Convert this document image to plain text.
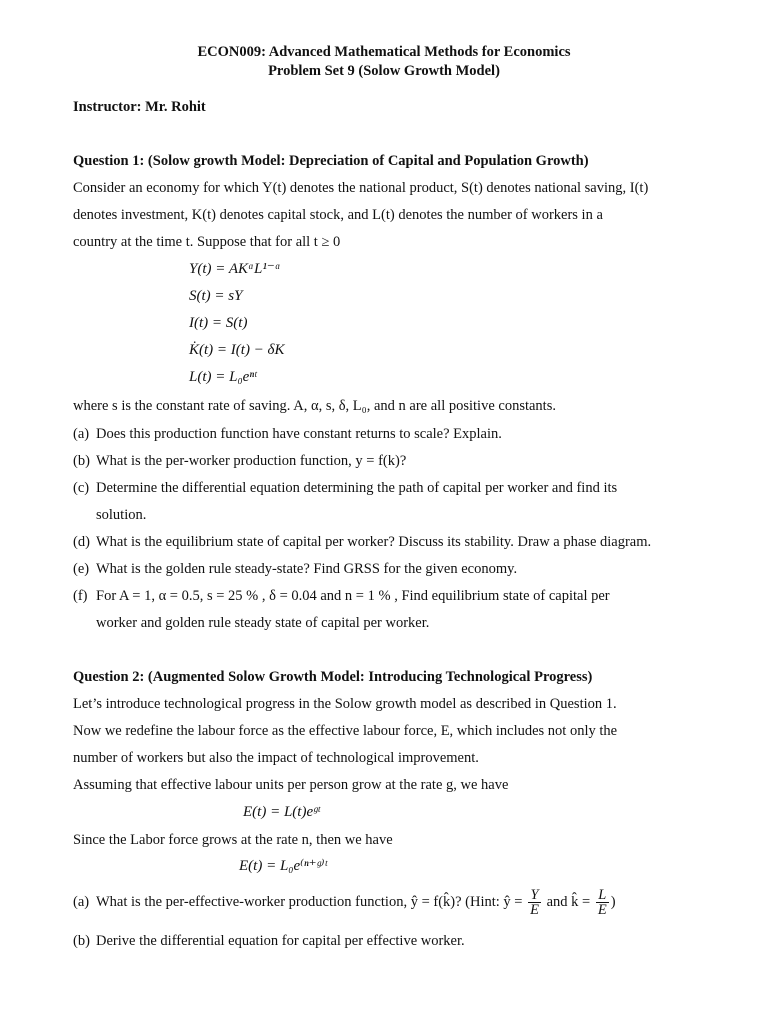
ECON009: Advanced Mathematical Methods for Economics
Problem Set 9 (Solow Growth Model)
Instructor: Mr. Rohit
Question 1: (Solow growth Model: Depreciation of Capital and Population Growth)
Consider an economy for which Y(t) denotes the national product, S(t) denotes national saving, I(t)
denotes investment, K(t) denotes capital stock, and L(t) denotes the number of workers in a
country at the time t. Suppose that for all t ≥ 0
Y(t) = AKᵅL¹⁻ᵅ
S(t) = sY
I(t) = S(t)
K̇(t) = I(t) − δK
L(t) = L₀eⁿᵗ
where s is the constant rate of saving. A, α, s, δ, L₀, and n are all positive constants.
(a) Does this production function have constant returns to scale? Explain.
(b) What is the per-worker production function, y = f(k)?
(c) Determine the differential equation determining the path of capital per worker and find its
solution.
(d) What is the equilibrium state of capital per worker? Discuss its stability. Draw a phase diagram.
(e) What is the golden rule steady-state? Find GRSS for the given economy.
(f) For A = 1, α = 0.5, s = 25 % , δ = 0.04 and n = 1 % , Find equilibrium state of capital per
worker and golden rule steady state of capital per worker.
Question 2: (Augmented Solow Growth Model: Introducing Technological Progress)
Let’s introduce technological progress in the Solow growth model as described in Question 1.
Now we redefine the labour force as the effective labour force, E, which includes not only the
number of workers but also the impact of technological improvement.
Assuming that effective labour units per person grow at the rate g, we have
E(t) = L(t)eᵍᵗ
Since the Labor force grows at the rate n, then we have
E(t) = L₀e⁽ⁿ⁺ᵍ⁾ᵗ
(a) What is the per-effective-worker production function, ŷ = f(k̂)? (Hint: ŷ = $\frac{Y}{E}$ and k̂ = $\frac{L}{E}$ )
(b) Derive the differential equation for capital per effective worker.
